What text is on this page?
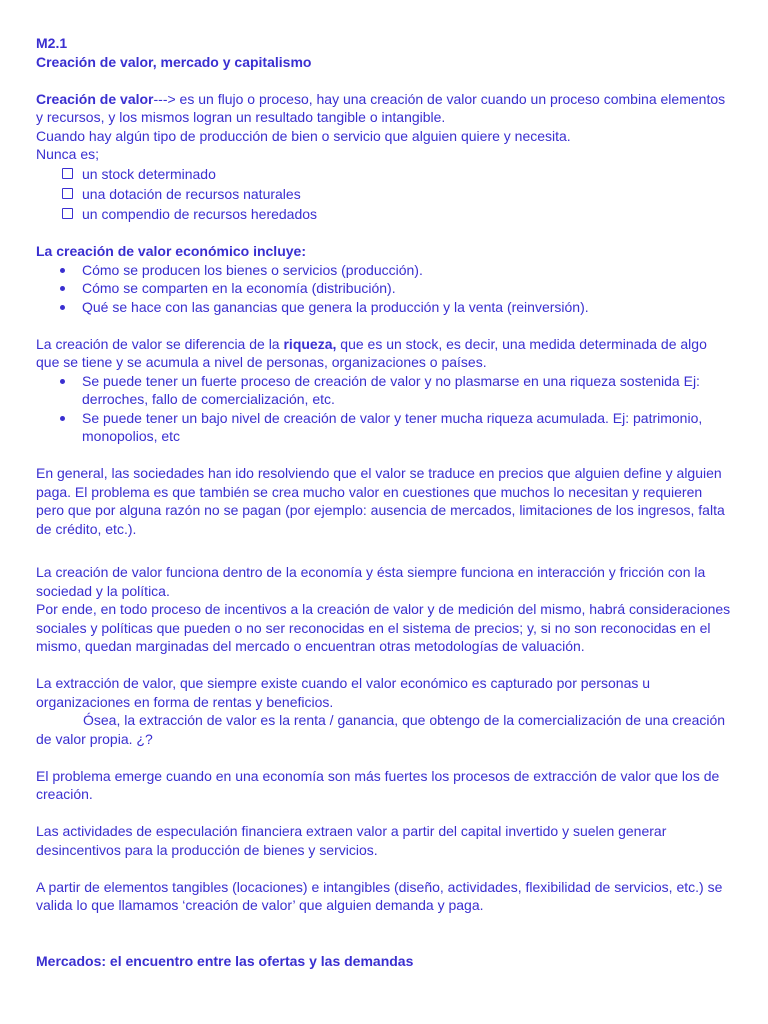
M2.1

Creación de valor, mercado y capitalismo

Creación de valor---> es un flujo o proceso, hay una creación de valor cuando un proceso combina elementos y recursos, y los mismos logran un resultado tangible o intangible.

Cuando hay algún tipo de producción de bien o servicio que alguien quiere y necesita.

Nunca es;

un stock determinado
una dotación de recursos naturales
un compendio de recursos heredados

La creación de valor económico incluye:

Cómo se producen los bienes o servicios (producción).
Cómo se comparten en la economía (distribución).
Qué se hace con las ganancias que genera la producción y la venta (reinversión).

La creación de valor se diferencia de la riqueza, que es un stock, es decir, una medida determinada de algo que se tiene y se acumula a nivel de personas, organizaciones o países.

Se puede tener un fuerte proceso de creación de valor y no plasmarse en una riqueza sostenida Ej: derroches, fallo de comercialización, etc.
Se puede tener un bajo nivel de creación de valor y tener mucha riqueza acumulada. Ej: patrimonio, monopolios, etc

En general, las sociedades han ido resolviendo que el valor se traduce en precios que alguien define y alguien paga. El problema es que también se crea mucho valor en cuestiones que muchos lo necesitan y requieren pero que por alguna razón no se pagan (por ejemplo: ausencia de mercados, limitaciones de los ingresos, falta de crédito, etc.).

La creación de valor funciona dentro de la economía y ésta siempre funciona en interacción y fricción con la sociedad y la política.

Por ende, en todo proceso de incentivos a la creación de valor y de medición del mismo, habrá consideraciones sociales y políticas que pueden o no ser reconocidas en el sistema de precios; y, si no son reconocidas en el mismo, quedan marginadas del mercado o encuentran otras metodologías de valuación.

La extracción de valor, que siempre existe cuando el valor económico es capturado por personas u organizaciones en forma de rentas y beneficios.

Ósea, la extracción de valor es la renta / ganancia, que obtengo de la comercialización de una creación de valor propia. ¿?

El problema emerge cuando en una economía son más fuertes los procesos de extracción de valor que los de creación.

Las actividades de especulación financiera extraen valor a partir del capital invertido y suelen generar desincentivos para la producción de bienes y servicios.

A partir de elementos tangibles (locaciones) e intangibles (diseño, actividades, flexibilidad de servicios, etc.) se valida lo que llamamos ‘creación de valor’ que alguien demanda y paga.

Mercados: el encuentro entre las ofertas y las demandas
